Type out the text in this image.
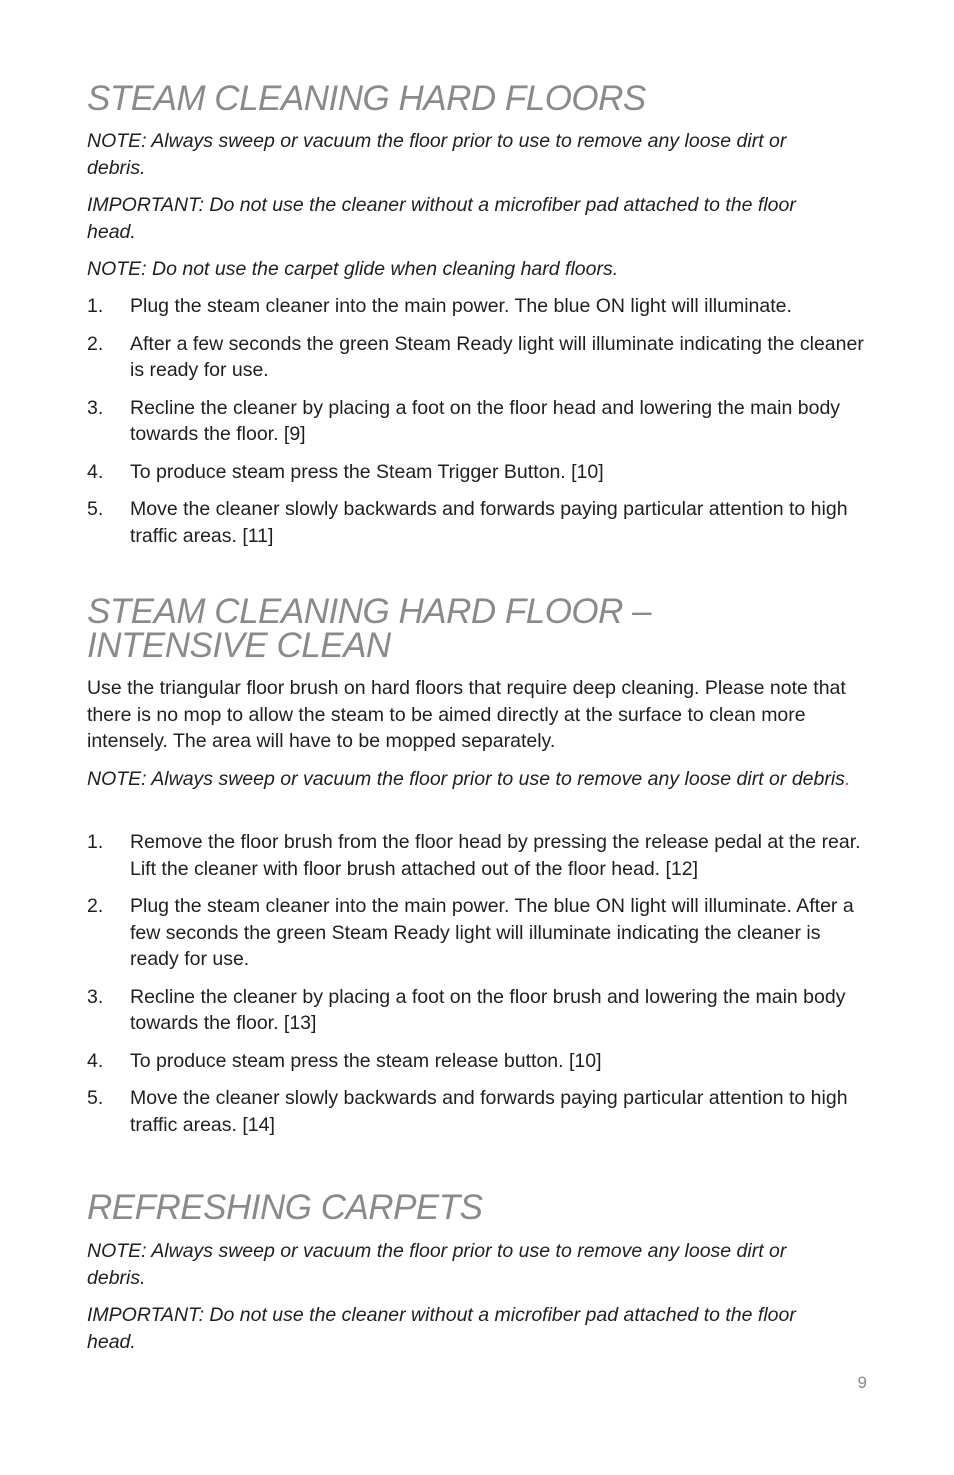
STEAM CLEANING HARD FLOORS

NOTE: Always sweep or vacuum the floor prior to use to remove any loose dirt or debris.

IMPORTANT: Do not use the cleaner without a microfiber pad attached to the floor head.

NOTE: Do not use the carpet glide when cleaning hard floors.

1.	Plug the steam cleaner into the main power. The blue ON light will illuminate.
2.	After a few seconds the green Steam Ready light will illuminate indicating the cleaner is ready for use.
3.	Recline the cleaner by placing a foot on the floor head and lowering the main body towards the floor. [9]
4.	To produce steam press the Steam Trigger Button. [10]
5.	Move the cleaner slowly backwards and forwards paying particular attention to high traffic areas. [11]
STEAM CLEANING HARD FLOOR – INTENSIVE CLEAN

Use the triangular floor brush on hard floors that require deep cleaning. Please note that there is no mop to allow the steam to be aimed directly at the surface to clean more intensely. The area will have to be mopped separately.

NOTE: Always sweep or vacuum the floor prior to use to remove any loose dirt or debris.

1.	Remove the floor brush from the floor head by pressing the release pedal at the rear. Lift the cleaner with floor brush attached out of the floor head. [12]
2.	Plug the steam cleaner into the main power. The blue ON light will illuminate. After a few seconds the green Steam Ready light will illuminate indicating the cleaner is ready for use.
3.	Recline the cleaner by placing a foot on the floor brush and lowering the main body towards the floor. [13]
4.	To produce steam press the steam release button. [10]
5.	Move the cleaner slowly backwards and forwards paying particular attention to high traffic areas. [14]
REFRESHING CARPETS

NOTE: Always sweep or vacuum the floor prior to use to remove any loose dirt or debris.

IMPORTANT: Do not use the cleaner without a microfiber pad attached to the floor head.

9
